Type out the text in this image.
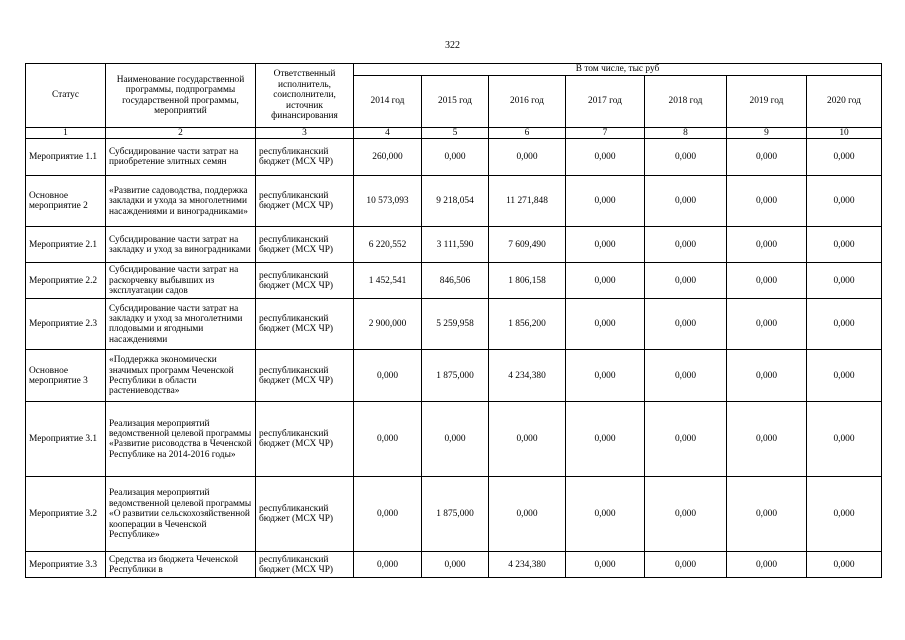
322
Статус	Наименование государственной программы, подпрограммы государственной программы, мероприятий	Ответственный исполнитель, соисполнители, источник финансирования	В том числе, тыс руб						
			2014 год	2015 год	2016 год	2017 год	2018 год	2019 год	2020 год
1	2	3	4	5	6	7	8	9	10
Мероприятие 1.1	Субсидирование части затрат на приобретение элитных семян	республиканский бюджет (МСХ ЧР)	260,000	0,000	0,000	0,000	0,000	0,000	0,000
Основное мероприятие 2	«Развитие садоводства, поддержка закладки и ухода за многолетними насаждениями и виноградниками»	республиканский бюджет (МСХ ЧР)	10 573,093	9 218,054	11 271,848	0,000	0,000	0,000	0,000
Мероприятие 2.1	Субсидирование части затрат на закладку и уход за виноградниками	республиканский бюджет (МСХ ЧР)	6 220,552	3 111,590	7 609,490	0,000	0,000	0,000	0,000
Мероприятие 2.2	Субсидирование части затрат на раскорчевку выбывших из эксплуатации садов	республиканский бюджет (МСХ ЧР)	1 452,541	846,506	1 806,158	0,000	0,000	0,000	0,000
Мероприятие 2.3	Субсидирование части затрат на закладку и уход за многолетними плодовыми и ягодными насаждениями	республиканский бюджет (МСХ ЧР)	2 900,000	5 259,958	1 856,200	0,000	0,000	0,000	0,000
Основное мероприятие 3	«Поддержка экономически значимых программ Чеченской Республики в области растениеводства»	республиканский бюджет (МСХ ЧР)	0,000	1 875,000	4 234,380	0,000	0,000	0,000	0,000
Мероприятие 3.1	Реализация мероприятий ведомственной целевой программы «Развитие рисоводства в Чеченской Республике на 2014-2016 годы»	республиканский бюджет (МСХ ЧР)	0,000	0,000	0,000	0,000	0,000	0,000	0,000
Мероприятие 3.2	Реализация мероприятий ведомственной целевой программы «О развитии сельскохозяйственной кооперации в Чеченской Республике»	республиканский бюджет (МСХ ЧР)	0,000	1 875,000	0,000	0,000	0,000	0,000	0,000
Мероприятие 3.3	Средства из бюджета Чеченской Республики в	республиканский бюджет (МСХ ЧР)	0,000	0,000	4 234,380	0,000	0,000	0,000	0,000
